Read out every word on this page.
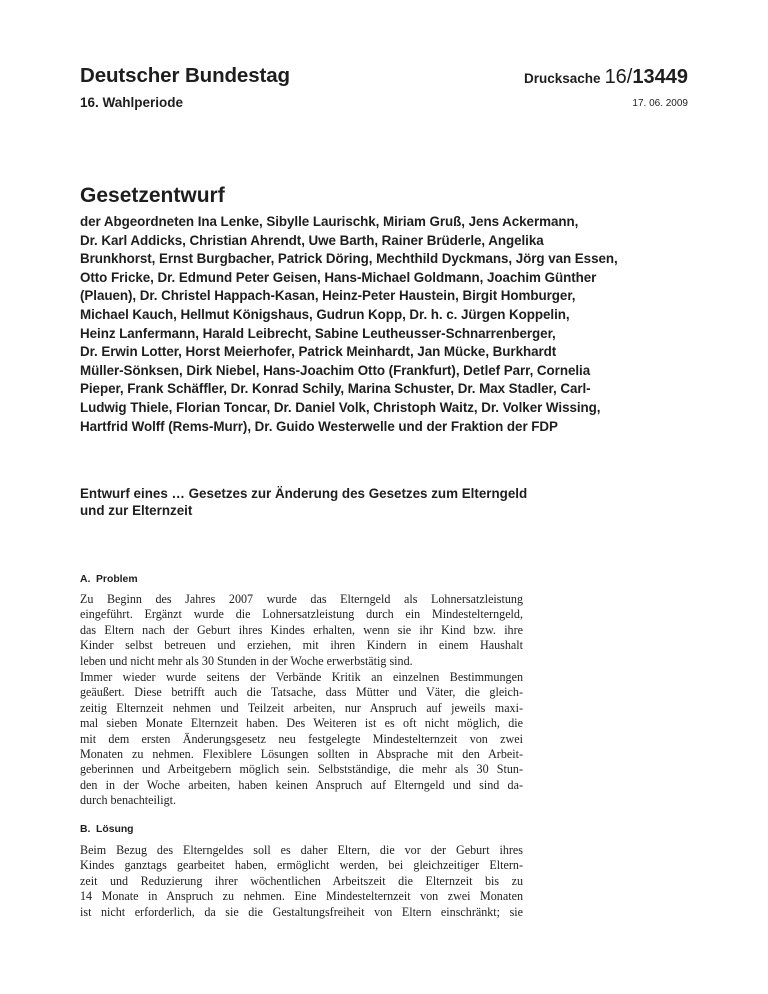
Deutscher Bundestag
16. Wahlperiode
Drucksache 16/13449
17. 06. 2009
Gesetzentwurf
der Abgeordneten Ina Lenke, Sibylle Laurischk, Miriam Gruß, Jens Ackermann,
Dr. Karl Addicks, Christian Ahrendt, Uwe Barth, Rainer Brüderle, Angelika
Brunkhorst, Ernst Burgbacher, Patrick Döring, Mechthild Dyckmans, Jörg van Essen,
Otto Fricke, Dr. Edmund Peter Geisen, Hans-Michael Goldmann, Joachim Günther
(Plauen), Dr. Christel Happach-Kasan, Heinz-Peter Haustein, Birgit Homburger,
Michael Kauch, Hellmut Königshaus, Gudrun Kopp, Dr. h. c. Jürgen Koppelin,
Heinz Lanfermann, Harald Leibrecht, Sabine Leutheusser-Schnarrenberger,
Dr. Erwin Lotter, Horst Meierhofer, Patrick Meinhardt, Jan Mücke, Burkhardt
Müller-Sönksen, Dirk Niebel, Hans-Joachim Otto (Frankfurt), Detlef Parr, Cornelia
Pieper, Frank Schäffler, Dr. Konrad Schily, Marina Schuster, Dr. Max Stadler, Carl-
Ludwig Thiele, Florian Toncar, Dr. Daniel Volk, Christoph Waitz, Dr. Volker Wissing,
Hartfrid Wolff (Rems-Murr), Dr. Guido Westerwelle und der Fraktion der FDP
Entwurf eines … Gesetzes zur Änderung des Gesetzes zum Elterngeld
und zur Elternzeit
A. Problem
Zu Beginn des Jahres 2007 wurde das Elterngeld als Lohnersatzleistung
eingeführt. Ergänzt wurde die Lohnersatzleistung durch ein Mindestelterngeld,
das Eltern nach der Geburt ihres Kindes erhalten, wenn sie ihr Kind bzw. ihre
Kinder selbst betreuen und erziehen, mit ihren Kindern in einem Haushalt
leben und nicht mehr als 30 Stunden in der Woche erwerbstätig sind.
Immer wieder wurde seitens der Verbände Kritik an einzelnen Bestimmungen
geäußert. Diese betrifft auch die Tatsache, dass Mütter und Väter, die gleich-
zeitig Elternzeit nehmen und Teilzeit arbeiten, nur Anspruch auf jeweils maxi-
mal sieben Monate Elternzeit haben. Des Weiteren ist es oft nicht möglich, die
mit dem ersten Änderungsgesetz neu festgelegte Mindestelternzeit von zwei
Monaten zu nehmen. Flexiblere Lösungen sollten in Absprache mit den Arbeit-
geberinnen und Arbeitgebern möglich sein. Selbstständige, die mehr als 30 Stun-
den in der Woche arbeiten, haben keinen Anspruch auf Elterngeld und sind da-
durch benachteiligt.
B. Lösung
Beim Bezug des Elterngeldes soll es daher Eltern, die vor der Geburt ihres
Kindes ganztags gearbeitet haben, ermöglicht werden, bei gleichzeitiger Eltern-
zeit und Reduzierung ihrer wöchentlichen Arbeitszeit die Elternzeit bis zu
14 Monate in Anspruch zu nehmen. Eine Mindestelternzeit von zwei Monaten
ist nicht erforderlich, da sie die Gestaltungsfreiheit von Eltern einschränkt; sie
